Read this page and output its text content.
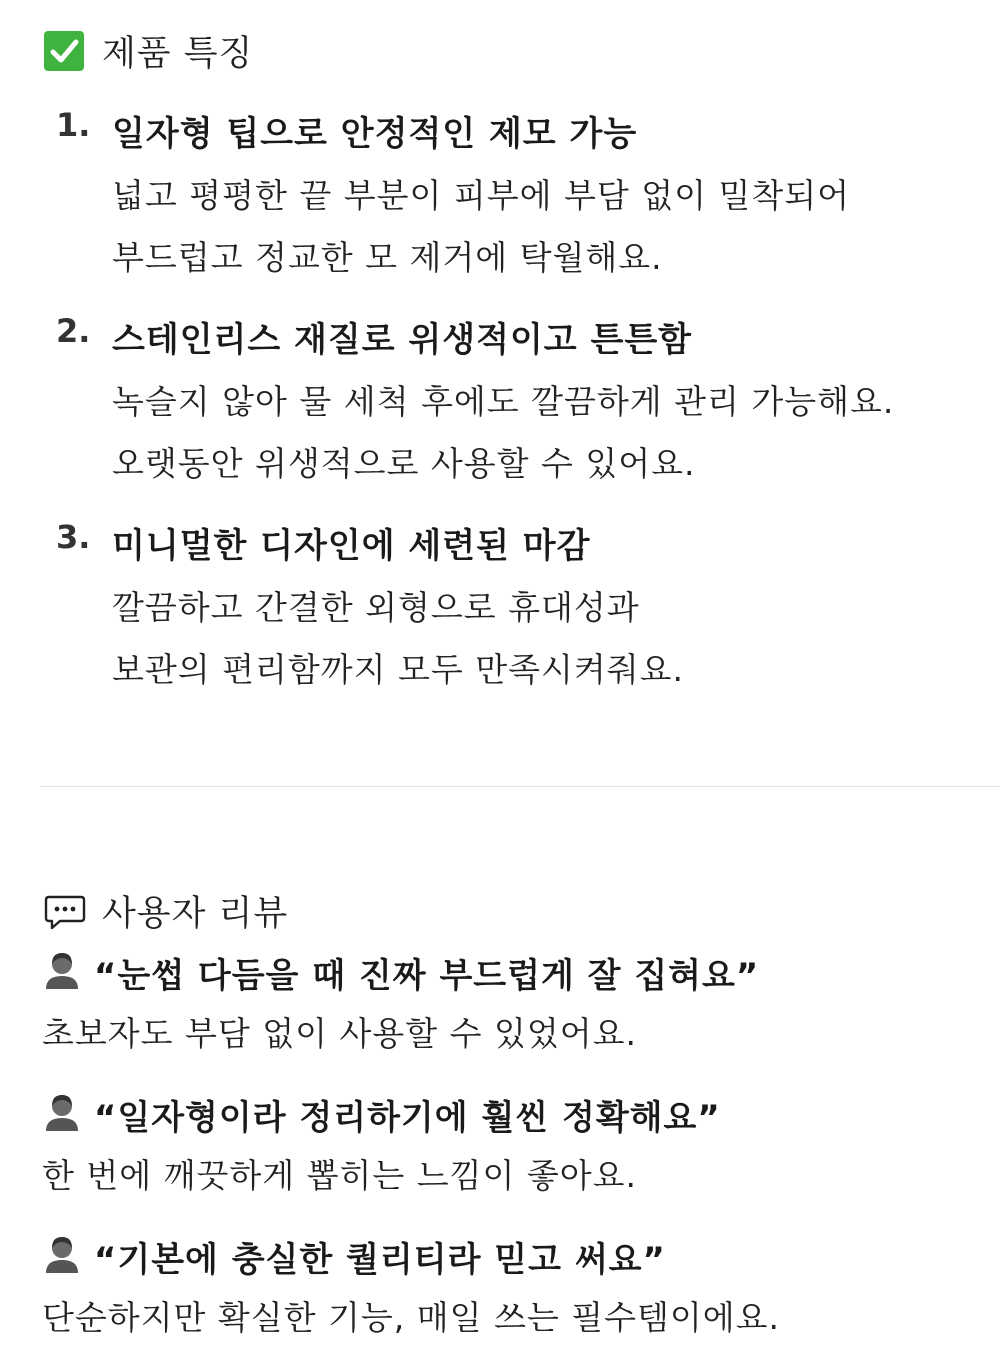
제품 특징
1. 일자형 팁으로 안정적인 제모 가능
넓고 평평한 끝 부분이 피부에 부담 없이 밀착되어
부드럽고 정교한 모 제거에 탁월해요.
2. 스테인리스 재질로 위생적이고 튼튼함
녹슬지 않아 물 세척 후에도 깔끔하게 관리 가능해요.
오랫동안 위생적으로 사용할 수 있어요.
3. 미니멀한 디자인에 세련된 마감
깔끔하고 간결한 외형으로 휴대성과
보관의 편리함까지 모두 만족시켜줘요.
사용자 리뷰
“눈썹 다듬을 때 진짜 부드럽게 잘 집혀요”
초보자도 부담 없이 사용할 수 있었어요.
“일자형이라 정리하기에 훨씬 정확해요”
한 번에 깨끗하게 뽑히는 느낌이 좋아요.
“기본에 충실한 퀄리티라 믿고 써요”
단순하지만 확실한 기능, 매일 쓰는 필수템이에요.
